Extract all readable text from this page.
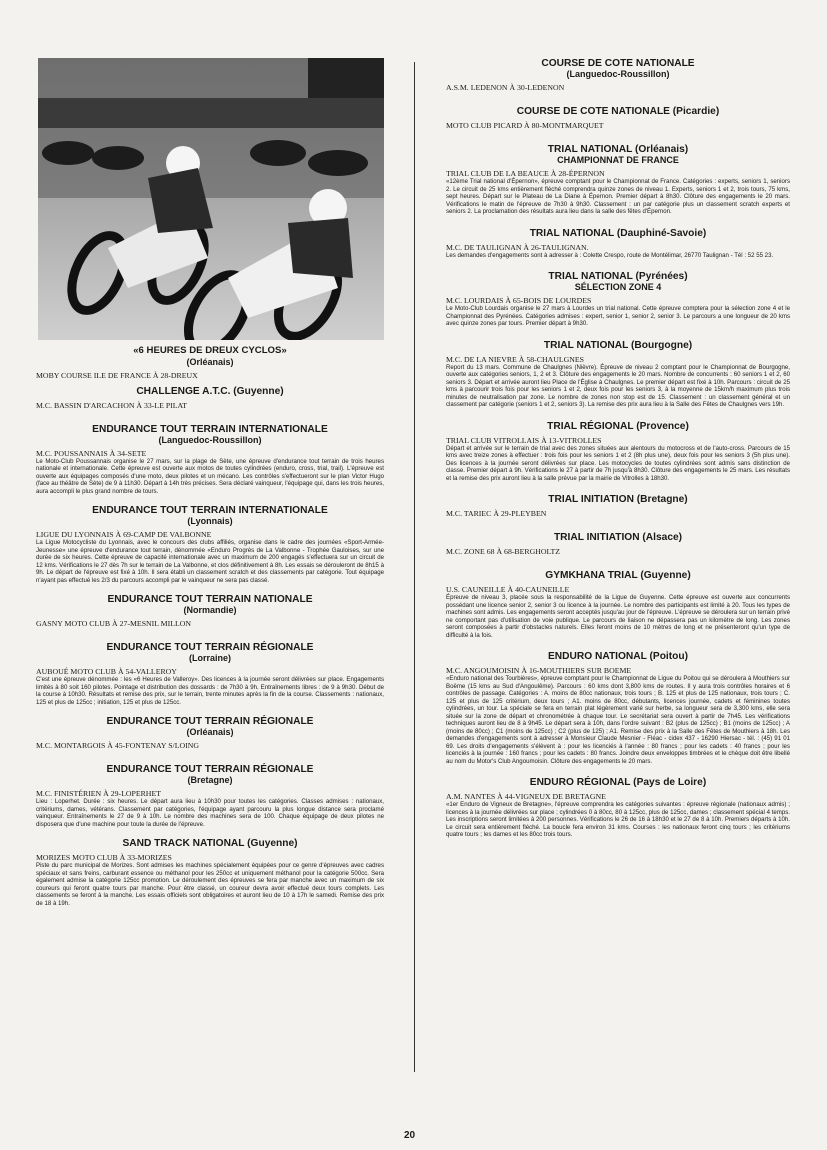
«6 HEURES DE DREUX CYCLOS»
(Orléanais)
MOBY COURSE ILE DE FRANCE À 28-DREUX
CHALLENGE A.T.C. (Guyenne)
M.C. BASSIN D'ARCACHON À 33-LE PILAT
ENDURANCE TOUT TERRAIN INTERNATIONALE
(Languedoc-Roussillon)
M.C. POUSSANNAIS À 34-SETE
Le Moto-Club Poussannais organise le 27 mars, sur la plage de Sète, une épreuve d'endurance tout terrain de trois heures nationale et internationale. Cette épreuve est ouverte aux motos de toutes cylindrées (enduro, cross, trial, trail). L'épreuve est ouverte aux équipages composés d'une moto, deux pilotes et un mécano. Les contrôles s'effectueront sur le plan Victor Hugo (face au théâtre de Sète) de 9 à 11h30. Départ à 14h très précises. Sera déclaré vainqueur, l'équipage qui, dans les trois heures, aura accompli le plus grand nombre de tours.
ENDURANCE TOUT TERRAIN INTERNATIONALE
(Lyonnais)
LIGUE DU LYONNAIS À 69-CAMP DE VALBONNE
La Ligue Motocycliste du Lyonnais, avec le concours des clubs affiliés, organise dans le cadre des journées «Sport-Armée-Jeunesse» une épreuve d'endurance tout terrain, dénommée «Enduro Progrès de La Valbonne - Trophée Gauloises, sur une durée de six heures. Cette épreuve de capacité internationale avec un maximum de 200 engagés s'effectuera sur un circuit de 12 kms. Vérifications le 27 dès 7h sur le terrain de La Valbonne, et clos définitivement à 8h. Les essais se dérouleront de 8h15 à 9h. Le départ de l'épreuve est fixé à 10h. Il sera établi un classement scratch et des classements par catégorie. Tout équipage n'ayant pas effectué les 2/3 du parcours accompli par le vainqueur ne sera pas classé.
ENDURANCE TOUT TERRAIN NATIONALE
(Normandie)
GASNY MOTO CLUB À 27-MESNIL MILLON
ENDURANCE TOUT TERRAIN RÉGIONALE
(Lorraine)
AUBOUÉ MOTO CLUB À 54-VALLEROY
C'est une épreuve dénommée : les «6 Heures de Valleroy». Des licences à la journée seront délivrées sur place. Engagements limités à 80 soit 160 pilotes. Pointage et distribution des dossards : de 7h30 à 9h. Entraînements libres : de 9 à 9h30. Début de la course à 10h30. Résultats et remise des prix, sur le terrain, trente minutes après la fin de la course. Classements : nationaux, 125 et plus de 125cc ; initiation, 125 et plus de 125cc.
ENDURANCE TOUT TERRAIN RÉGIONALE
(Orléanais)
M.C. MONTARGOIS À 45-FONTENAY S/LOING
ENDURANCE TOUT TERRAIN RÉGIONALE
(Bretagne)
M.C. FINISTÉRIEN À 29-LOPERHET
Lieu : Loperhet. Durée : six heures. Le départ aura lieu à 10h30 pour toutes les catégories. Classes admises : nationaux, critériums, dames, vétérans. Classement par catégories, l'équipage ayant parcouru la plus longue distance sera proclamé vainqueur. Entraînements le 27 de 9 à 10h. Le nombre des machines sera de 100. Chaque équipage de deux pilotes ne disposera que d'une machine pour toute la durée de l'épreuve.
SAND TRACK NATIONAL (Guyenne)
MORIZES MOTO CLUB À 33-MORIZES
Piste du parc municipal de Morizes. Sont admises les machines spécialement équipées pour ce genre d'épreuves avec cadres spéciaux et sans freins, carburant essence ou méthanol pour les 250cc et uniquement méthanol pour la catégorie 500cc. Sera également admise la catégorie 125cc promotion. Le déroulement des épreuves se fera par manche avec un maximum de six coureurs qui feront quatre tours par manche. Pour être classé, un coureur devra avoir effectué deux tours complets. Les classements se feront à la manche. Les essais officiels sont obligatoires et auront lieu de 10 à 17h le samedi. Remise des prix de 18 à 19h.
COURSE DE COTE NATIONALE
(Languedoc-Roussillon)
A.S.M. LEDENON À 30-LEDENON
COURSE DE COTE NATIONALE (Picardie)
MOTO CLUB PICARD À 80-MONTMARQUET
TRIAL NATIONAL (Orléanais)
CHAMPIONNAT DE FRANCE
TRIAL CLUB DE LA BEAUCE À 28-ÉPERNON
«12ème Trial national d'Épernon», épreuve comptant pour le Championnat de France. Catégories : experts, seniors 1, seniors 2. Le circuit de 25 kms entièrement fléché comprendra quinze zones de niveau 1. Experts, seniors 1 et 2, trois tours, 75 kms, sept heures. Départ sur le Plateau de La Diane à Épernon. Premier départ à 8h30. Clôture des engagements le 20 mars. Vérifications le matin de l'épreuve de 7h30 à 9h30. Classement : un par catégorie plus un classement scratch experts et seniors 2. La proclamation des résultats aura lieu dans la salle des fêtes d'Épernon.
TRIAL NATIONAL (Dauphiné-Savoie)
M.C. DE TAULIGNAN À 26-TAULIGNAN.
Les demandes d'engagements sont à adresser à : Colette Crespo, route de Montélimar, 26770 Taulignan - Tél : 52 55 23.
TRIAL NATIONAL (Pyrénées)
SÉLECTION ZONE 4
M.C. LOURDAIS À 65-BOIS DE LOURDES
Le Moto-Club Lourdais organise le 27 mars à Lourdes un trial national. Cette épreuve comptera pour la sélection zone 4 et le Championnat des Pyrénées. Catégories admises : expert, senior 1, senior 2, senior 3. Le parcours a une longueur de 20 kms avec quinze zones par tours. Premier départ à 9h30.
TRIAL NATIONAL (Bourgogne)
M.C. DE LA NIEVRE À 58-CHAULGNES
Report du 13 mars. Commune de Chaulgnes (Nièvre). Épreuve de niveau 2 comptant pour le Championnat de Bourgogne, ouverte aux catégories seniors, 1, 2 et 3. Clôture des engagements le 20 mars. Nombre de concurrents : 60 seniors 1 et 2, 60 seniors 3. Départ et arrivée auront lieu Place de l'Église à Chaulgnes. Le premier départ est fixé à 10h. Parcours : circuit de 25 kms à parcourir trois fois pour les seniors 1 et 2, deux fois pour les seniors 3, à la moyenne de 15km/h maximum plus trois minutes de neutralisation par zone. Le nombre de zones non stop est de 15. Classement : un classement général et un classement par catégorie (seniors 1 et 2, seniors 3). La remise des prix aura lieu à la Salle des Fêtes de Chaulgnes vers 19h.
TRIAL RÉGIONAL (Provence)
TRIAL CLUB VITROLLAIS À 13-VITROLLES
Départ et arrivée sur le terrain de trial avec des zones situées aux alentours du motocross et de l'auto-cross. Parcours de 15 kms avec treize zones à effectuer : trois fois pour les seniors 1 et 2 (8h plus une), deux fois pour les seniors 3 (5h plus une). Des licences à la journée seront délivrées sur place. Les motocycles de toutes cylindrées sont admis sans distinction de classe. Premier départ à 9h. Vérifications le 27 à partir de 7h jusqu'à 8h30. Clôture des engagements le 25 mars. Les résultats et la remise des prix auront lieu à la salle prévue par la mairie de Vitrolles à 18h30.
TRIAL INITIATION (Bretagne)
M.C. TARIEC À 29-PLEYBEN
TRIAL INITIATION (Alsace)
M.C. ZONE 68 À 68-BERGHOLTZ
GYMKHANA TRIAL (Guyenne)
U.S. CAUNEILLE À 40-CAUNEILLE
Épreuve de niveau 3, placée sous la responsabilité de la Ligue de Guyenne. Cette épreuve est ouverte aux concurrents possédant une licence senior 2, senior 3 ou licence à la journée. Le nombre des participants est limité à 20. Tous les types de machines sont admis. Les engagements seront acceptés jusqu'au jour de l'épreuve. L'épreuve se déroulera sur un terrain privé ne comportant pas d'utilisation de voie publique. Le parcours de liaison ne dépassera pas un kilomètre de long. Les zones seront composées à partir d'obstacles naturels. Elles feront moins de 10 mètres de long et ne présenteront qu'un type de difficulté à la fois.
ENDURO NATIONAL (Poitou)
M.C. ANGOUMOISIN À 16-MOUTHIERS SUR BOEME
«Enduro national des Tourbières», épreuve comptant pour le Championnat de Ligue du Poitou qui se déroulera à Mouthiers sur Boëme (15 kms au Sud d'Angoulême). Parcours : 60 kms dont 3,800 kms de routes. Il y aura trois contrôles horaires et 6 contrôles de passage. Catégories : A. moins de 80cc nationaux, trois tours ; B. 125 et plus de 125 nationaux, trois tours ; C. 125 et plus de 125 critérium, deux tours ; A1. moins de 80cc, débutants, licences journée, cadets et féminines toutes cylindrées, un tour. La spéciale se fera en terrain plat légèrement varié sur herbe, sa longueur sera de 3,300 kms, elle sera située sur la zone de départ et chronométrée à chaque tour. Le secrétariat sera ouvert à partir de 7h45. Les vérifications techniques auront lieu de 8 à 9h45. Le départ sera à 10h, dans l'ordre suivant : B2 (plus de 125cc) ; B1 (moins de 125cc) ; A (moins de 80cc) ; C1 (moins de 125cc) ; C2 (plus de 125) ; A1. Remise des prix à la Salle des Fêtes de Mouthiers à 18h. Les demandes d'engagements sont à adresser à Monsieur Claude Mesnier - Fléac - cidex 437 - 16290 Hiersac - tél. : (45) 91 01 69. Les droits d'engagements s'élèvent à : pour les licenciés à l'année : 80 francs ; pour les cadets : 40 francs ; pour les licenciés à la journée : 160 francs ; pour les cadets : 80 francs. Joindre deux enveloppes timbrées et le chèque doit être libellé au nom du Motor's Club Angoumoisin. Clôture des engagements le 20 mars.
ENDURO RÉGIONAL (Pays de Loire)
A.M. NANTES À 44-VIGNEUX DE BRETAGNE
«1er Enduro de Vigneux de Bretagne», l'épreuve comprendra les catégories suivantes : épreuve régionale (nationaux admis) ; licences à la journée délivrées sur place ; cylindrées 0 à 80cc, 80 à 125cc, plus de 125cc, dames ; classement spécial 4 temps. Les inscriptions seront limitées à 200 personnes. Vérifications le 26 de 16 à 18h30 et le 27 de 8 à 10h. Premiers départs à 10h. Le circuit sera entièrement fléché. La boucle fera environ 31 kms. Courses : les nationaux feront cinq tours ; les critériums quatre tours ; les dames et les 80cc trois tours.
20
